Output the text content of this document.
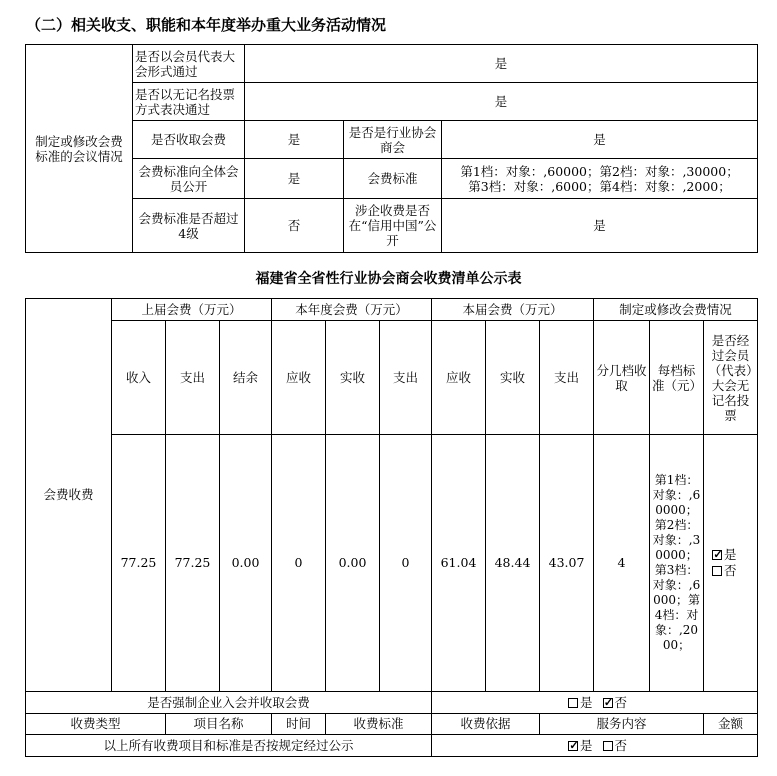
（二）相关收支、职能和本年度举办重大业务活动情况
制定或修改会费标准的会议情况	是否以会员代表大会形式通过	是		
	是否以无记名投票方式表决通过	是		
	是否收取会费	是	是否是行业协会商会	是
	会费标准向全体会员公开	是	会费标准	第1档：对象：,60000；第2档：对象：,30000；
第3档：对象：,6000；第4档：对象：,2000；

	会费标准是否超过4级	否	涉企收费是否在“信用中国”公开	是
福建省全省性行业协会商会收费清单公示表
会费收费	上届会费（万元）			本年度会费（万元）			本届会费（万元）			制定或修改会费情况		
	收入	支出	结余	应收	实收	支出	应收	实收	支出	分几档收取	每档标准（元）	是否经过会员（代表）大会无记名投票
	77.25	77.25	0.00	0	0.00	0	61.04	48.44	43.07	4	第1档：对象：,60000；第2档：对象：,30000；第3档：对象：,6000；第4档：对象：,2000；	
✓是
否

是否强制企业入会并收取会费							是 ✓ 否
收费类型		项目名称		时间	收费标准		收费依据		服务内容			金额
以上所有收费项目和标准是否按规定经过公示	✓是 否
